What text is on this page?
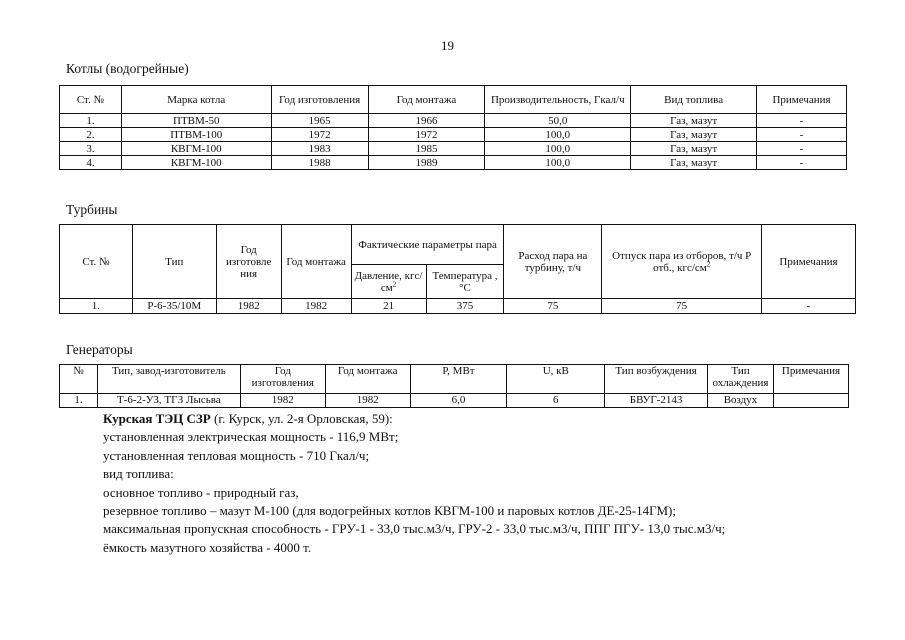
19
Котлы (водогрейные)
Ст. №	Марка котла	Год изготовления	Год монтажа	Производительность, Гкал/ч	Вид топлива	Примечания
1.	ПТВМ-50	1965	1966	50,0	Газ, мазут	-
2.	ПТВМ-100	1972	1972	100,0	Газ, мазут	-
3.	КВГМ-100	1983	1985	100,0	Газ, мазут	-
4.	КВГМ-100	1988	1989	100,0	Газ, мазут	-
Турбины
Ст. №	Тип	Год изготовле ния	Год монтажа	Фактические параметры пара		Расход пара на турбину, т/ч	Отпуск пара из отборов, т/ч Р отб., кгс/$см^2$	Примечания
				Давление, кгс/$см^2$	Температура , °С			
1.	Р-6-35/10М	1982	1982	21	375	75	75	-
Генераторы
№	Тип, завод-изготовитель	Год изготовления	Год монтажа	Р, МВт	U, кВ	Тип возбуждения	Тип охлаждения	Примечания
1.	Т-6-2-УЗ, ТГЗ Лысьва	1982	1982	6,0	6	БВУГ-2143	Воздух	
Курская ТЭЦ СЗР (г. Курск, ул. 2-я Орловская, 59):
установленная электрическая мощность - 116,9 МВт;
установленная тепловая мощность - 710 Гкал/ч;
вид топлива:
основное топливо - природный газ,
резервное топливо – мазут М-100 (для водогрейных котлов КВГМ-100 и паровых котлов ДЕ-25-14ГМ);
максимальная пропускная способность - ГРУ-1 - 33,0 тыс.м3/ч, ГРУ-2 - 33,0 тыс.м3/ч, ППГ ПГУ- 13,0 тыс.м3/ч;
ёмкость мазутного хозяйства - 4000 т.
